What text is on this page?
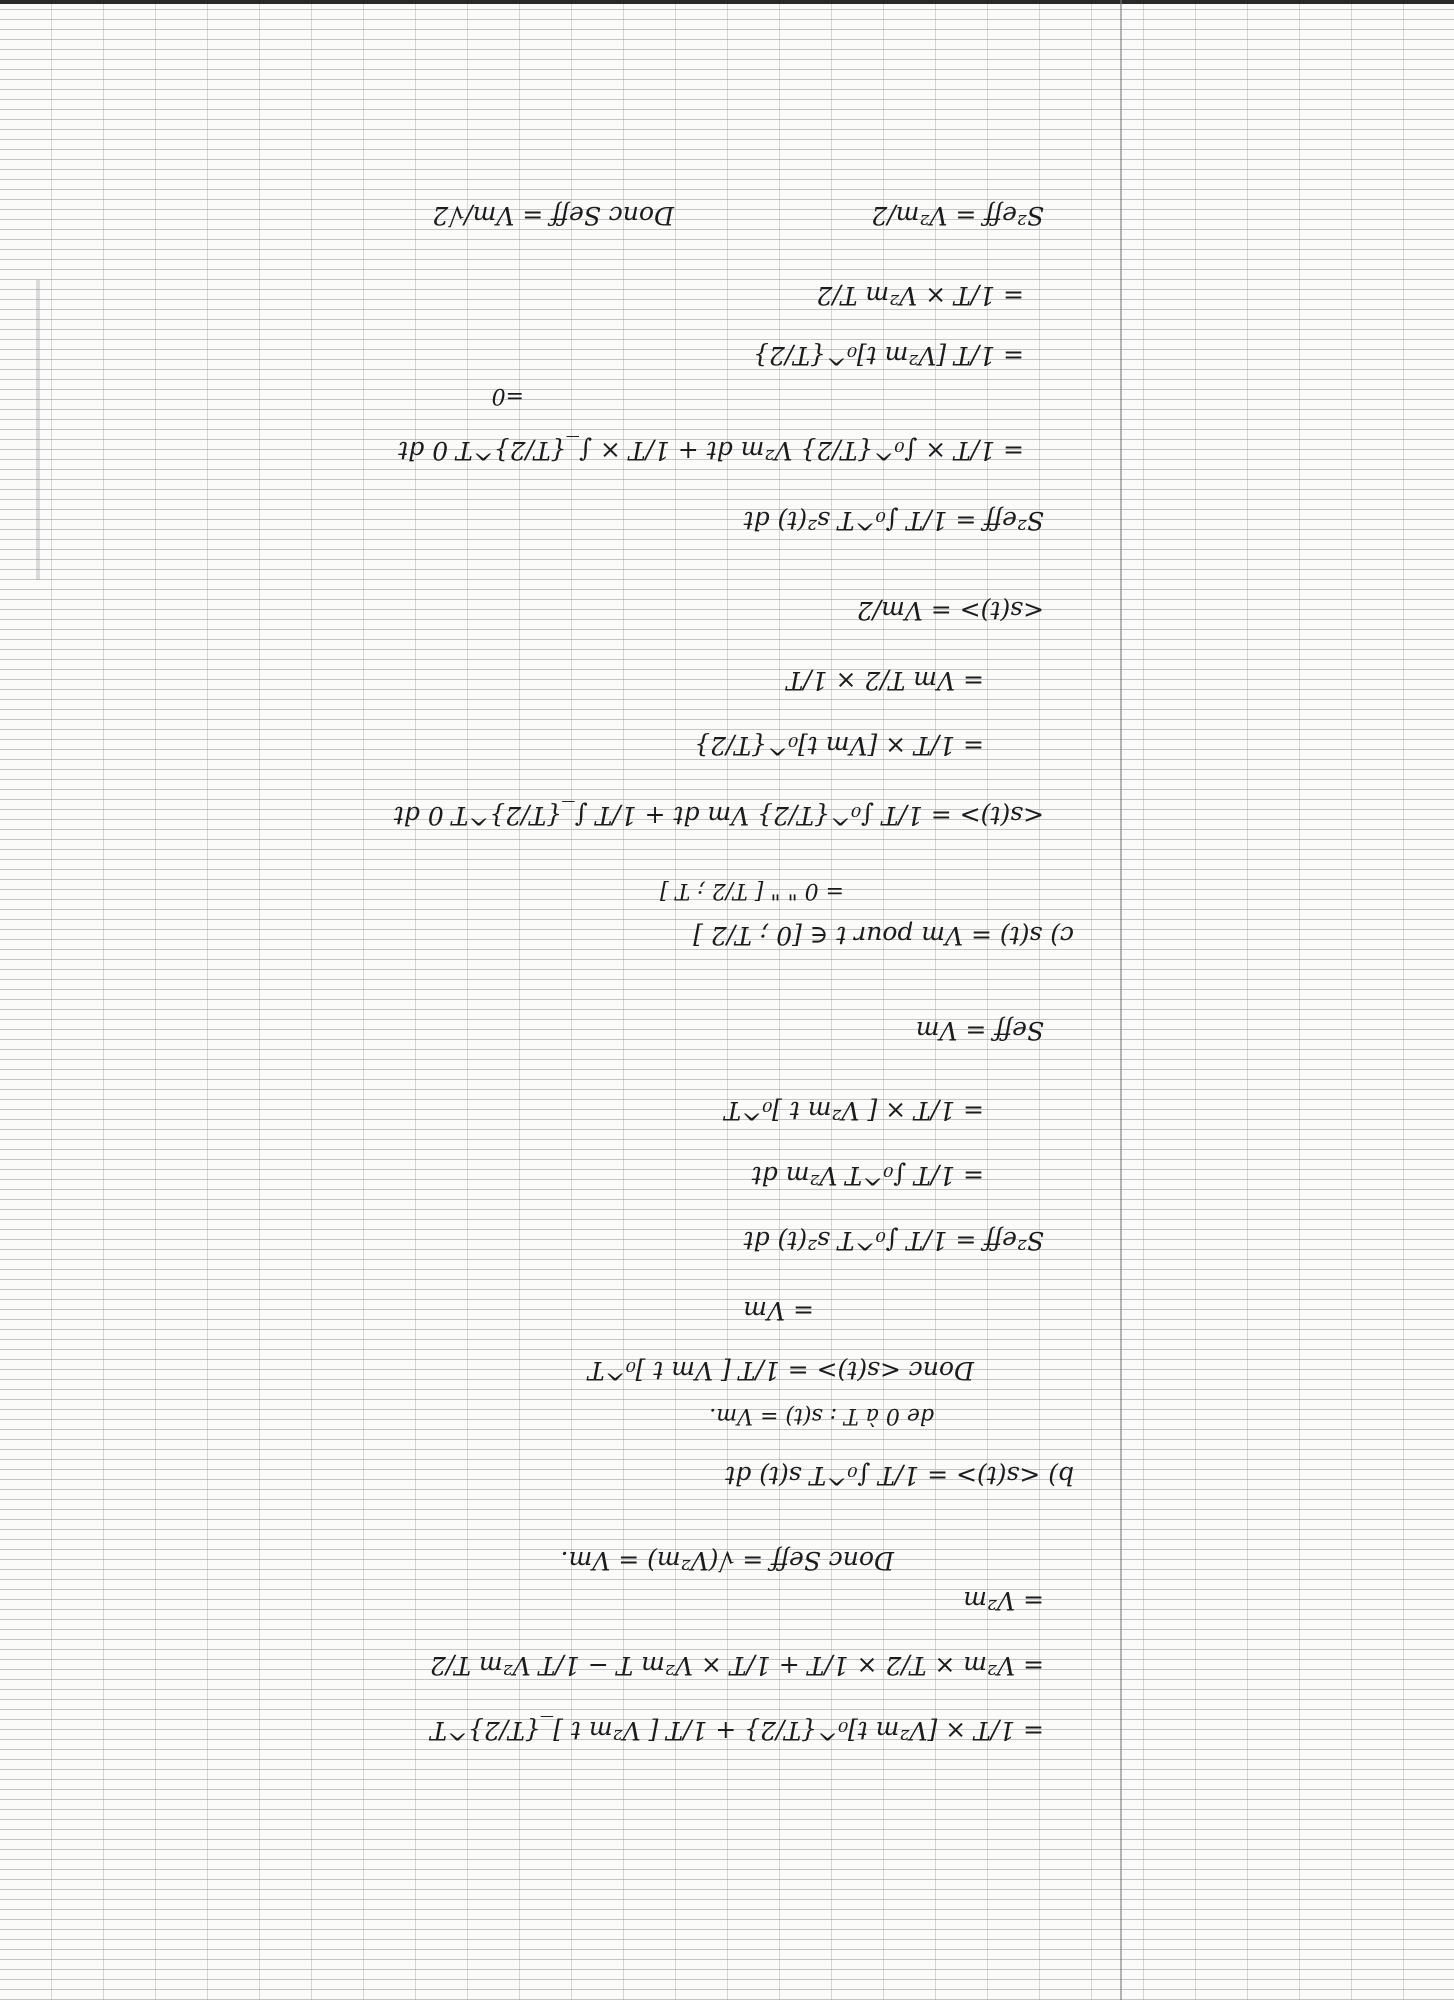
= 1/T × [V²m t]₀^{T/2} + 1/T [ V²m t ]_{T/2}^T
= V²m × T/2 × 1/T + 1/T × V²m T − 1/T V²m T/2
= V²m
Donc Seff = √(V²m) = Vm.
b) <s(t)> = 1/T ∫₀^T s(t) dt
de 0 à T : s(t) = Vm.
Donc <s(t)> = 1/T [ Vm t ]₀^T
= Vm
S²eff = 1/T ∫₀^T s²(t) dt
= 1/T ∫₀^T V²m dt
= 1/T × [ V²m t ]₀^T
Seff = Vm
c) s(t) = Vm pour t ∈ [0 ; T/2 ]
= 0 " " [ T/2 ; T ]
<s(t)> = 1/T ∫₀^{T/2} Vm dt + 1/T ∫_{T/2}^T 0 dt
= 1/T × [Vm t]₀^{T/2}
= Vm T/2 × 1/T
<s(t)> = Vm/2
S²eff = 1/T ∫₀^T s²(t) dt
= 1/T × ∫₀^{T/2} V²m dt + 1/T × ∫_{T/2}^T 0 dt
=0
= 1/T [V²m t]₀^{T/2}
= 1/T × V²m T/2
S²eff = V²m/2
Donc Seff = Vm/√2
